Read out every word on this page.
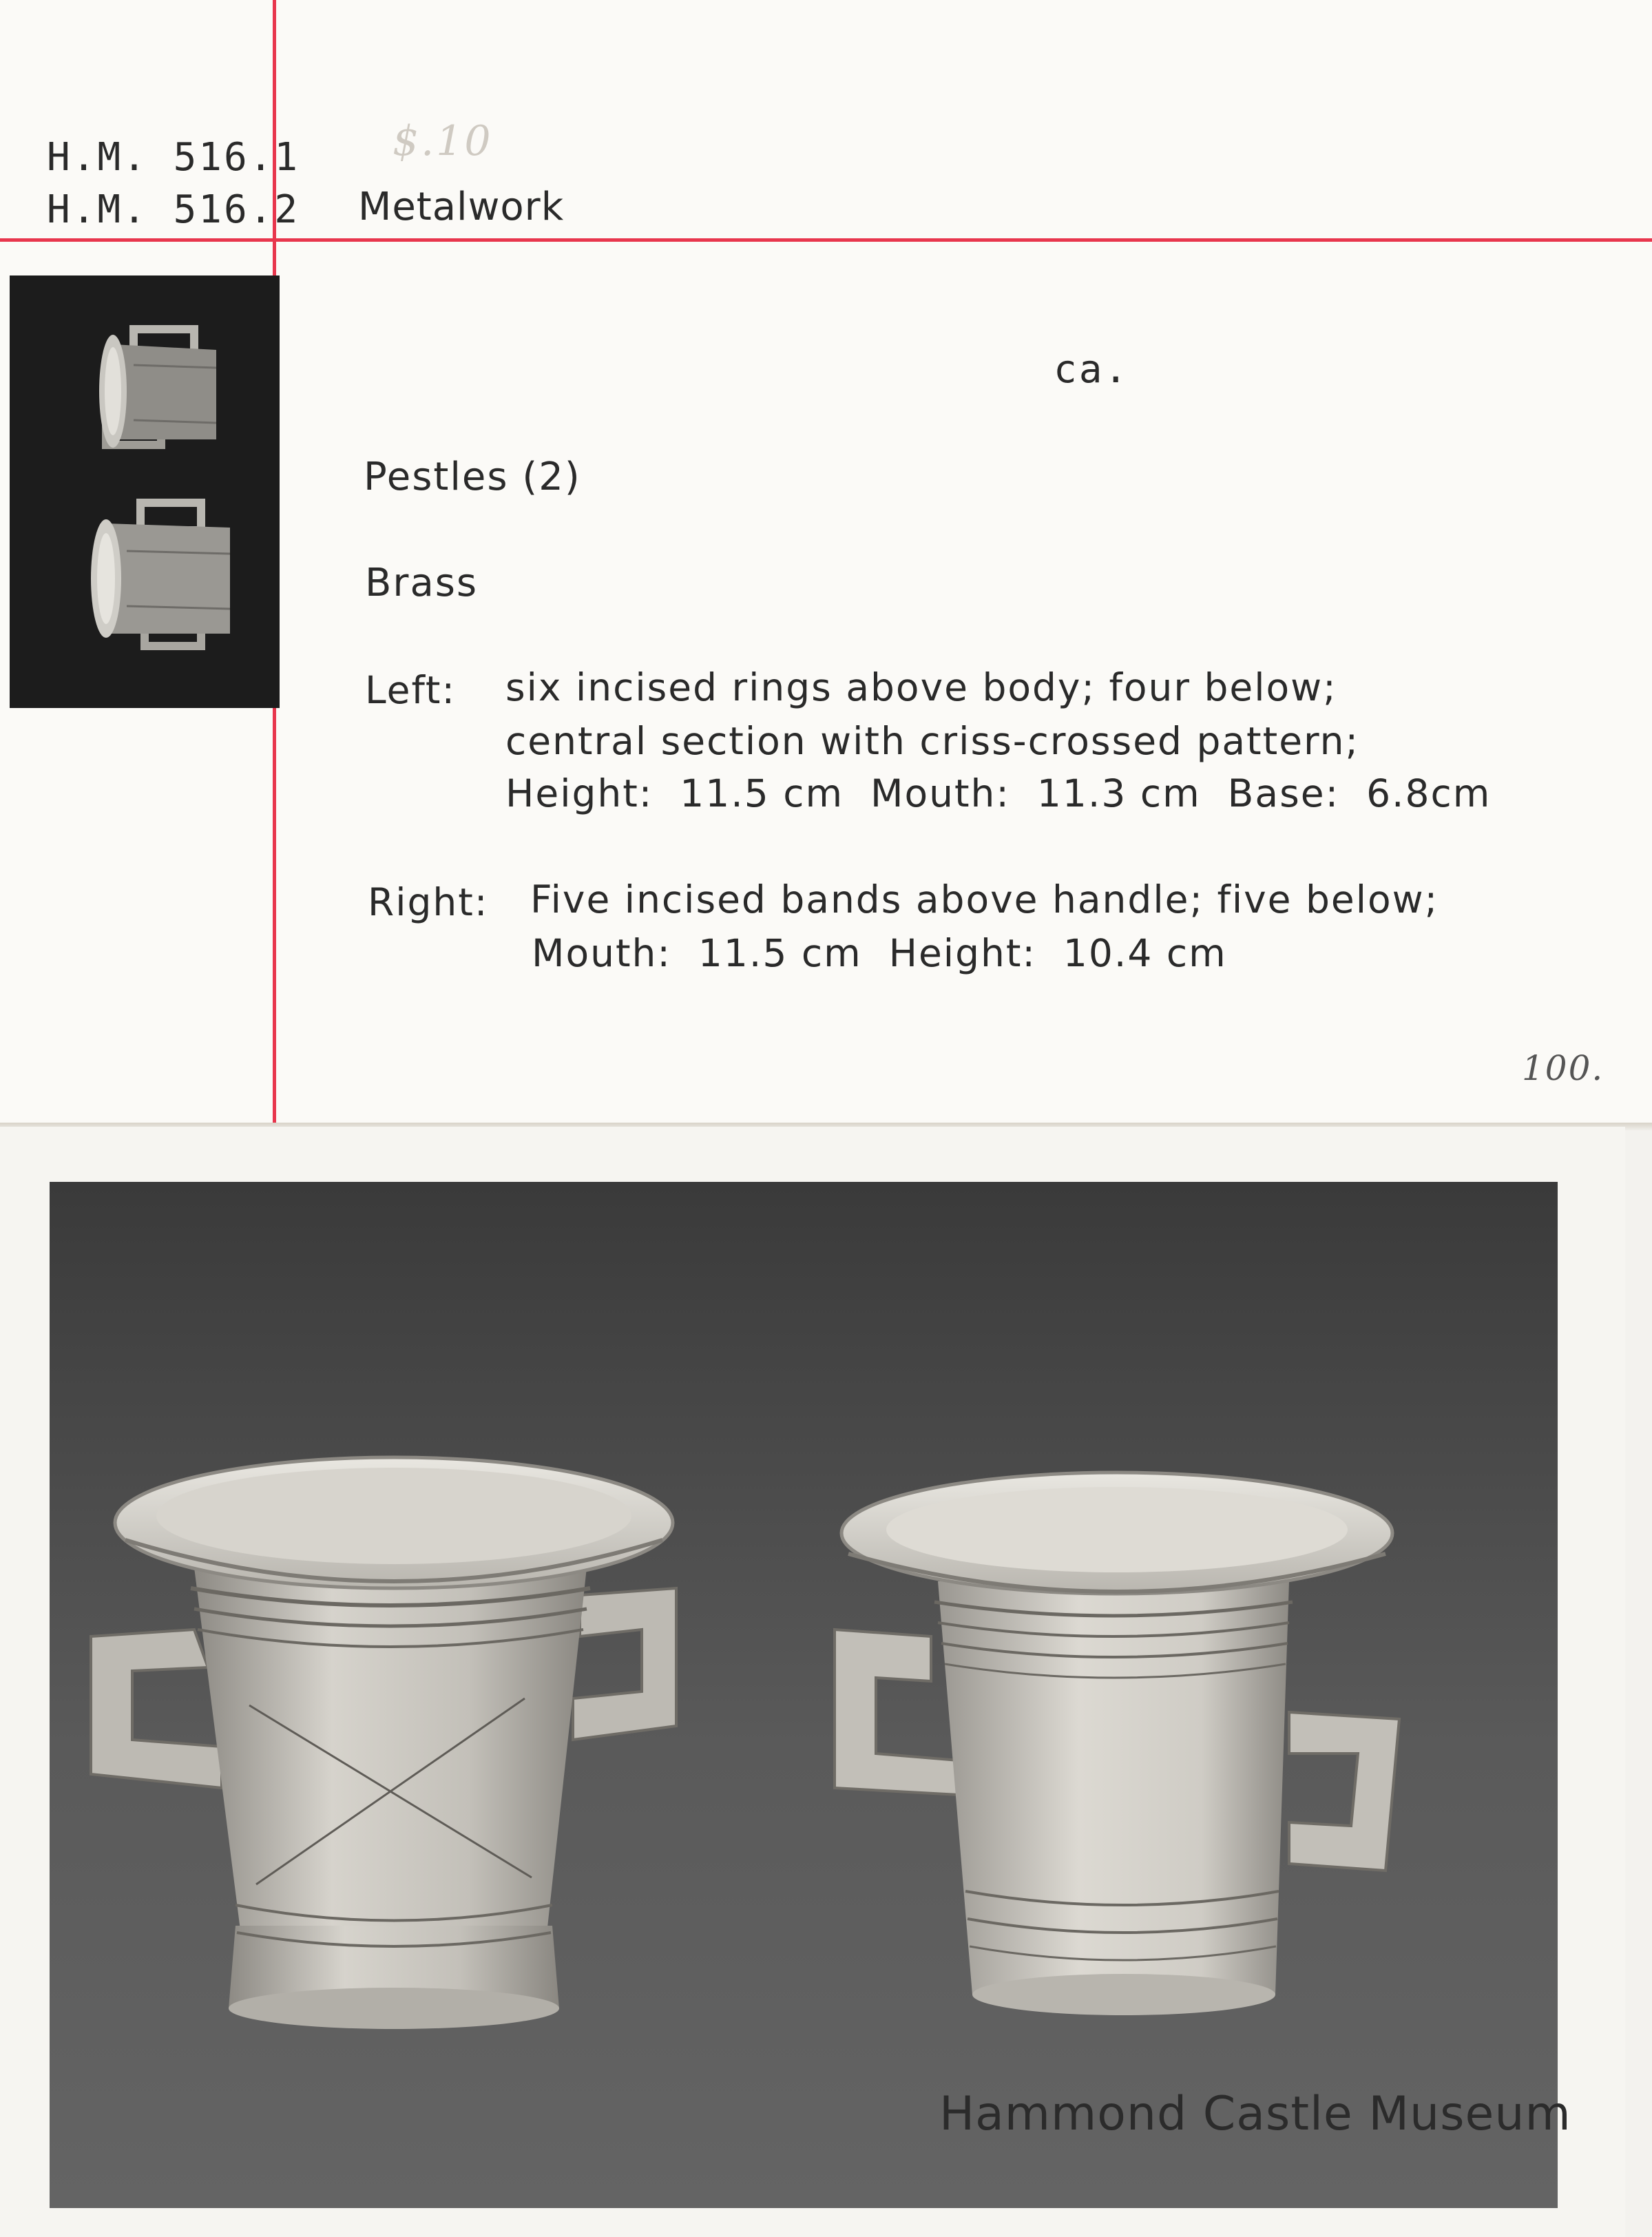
$.10
H.M. 516.1
H.M. 516.2 Metalwork
ca.
Pestles (2)
Brass
Left: six incised rings above body; four below;
central section with criss-crossed pattern;
Height:  11.5 cm  Mouth:  11.3 cm  Base:  6.8cm
Right: Five incised bands above handle; five below;
Mouth:  11.5 cm  Height:  10.4 cm
100.
Hammond Castle Museum
